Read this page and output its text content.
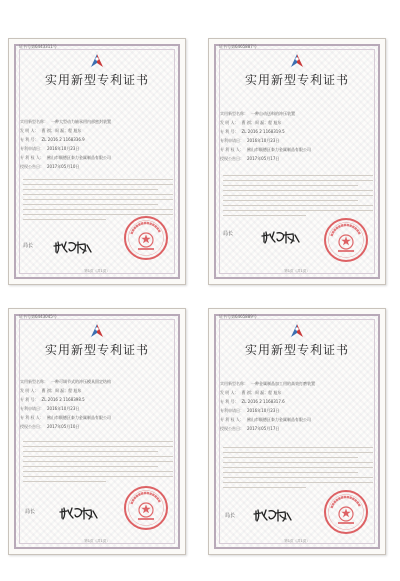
证书号第6443311号
实用新型专利证书
实用新型名称： 一种大型动力轴承用内部密封装置
发 明 人： 曹 祺；周 磊；程 旭东
专 利 号： ZL 2016 2 1168336.9
专利申请日： 2016年10月23日
专 利 权 人： 佛山市顺德区泰力金属制品有限公司
授权公告日： 2017年05月10日
局长
第1页（共1页）
证书号第6465887号
实用新型专利证书
实用新型名称： 一种自动送料的冲压装置
发 明 人： 曹 祺；周 磊；程 旭东
专 利 号： ZL 2016 2 1168319.5
专利申请日： 2016年10月23日
专 利 权 人： 佛山市顺德区泰力金属制品有限公司
授权公告日： 2017年05月17日
局长
第1页（共1页）
证书号第6443045号
实用新型专利证书
实用新型名称： 一种可调节式的冲压模具固定结构
发 明 人： 曹 祺；周 磊；程 旭东
专 利 号： ZL 2016 2 1168398.5
专利申请日： 2016年10月23日
专 利 权 人： 佛山市顺德区泰力金属制品有限公司
授权公告日： 2017年05月10日
局长
第1页（共1页）
证书号第6465889号
实用新型专利证书
实用新型名称： 一种金属制品加工用的高效打磨装置
发 明 人： 曹 祺；周 磊；程 旭东
专 利 号： ZL 2016 2 1168317.6
专利申请日： 2016年10月23日
专 利 权 人： 佛山市顺德区泰力金属制品有限公司
授权公告日： 2017年05月17日
局长
第1页（共1页）
